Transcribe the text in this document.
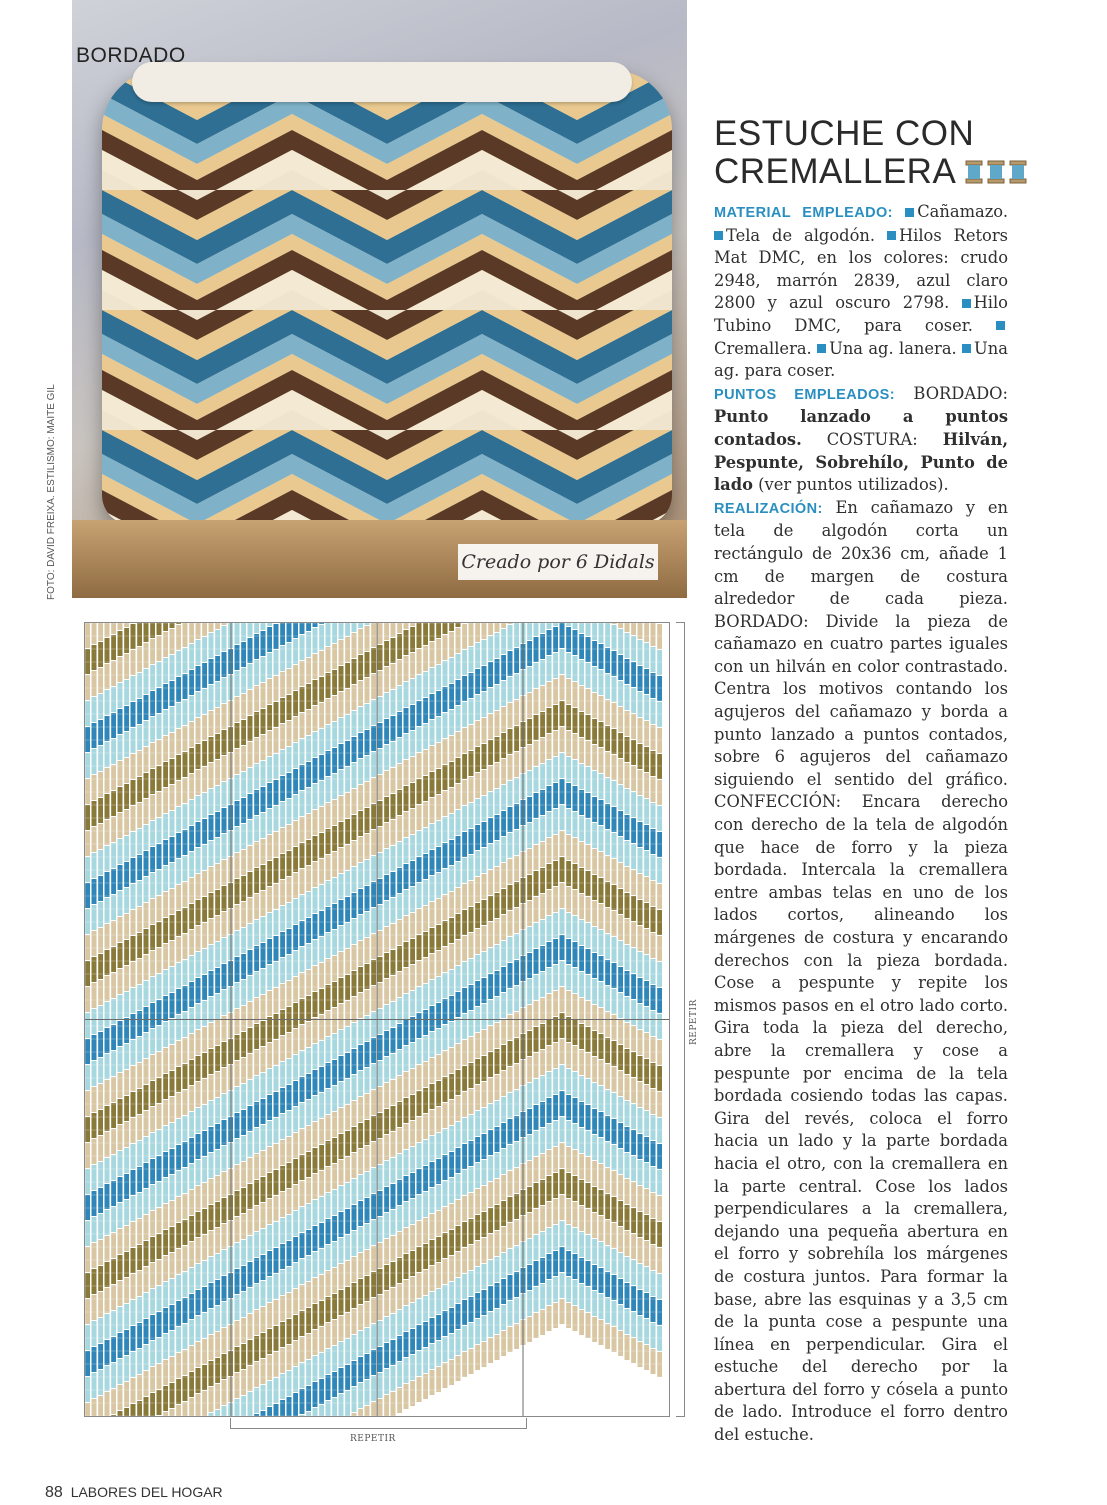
BORDADO
Creado por 6 Didals
FOTO: DAVID FREIXA. ESTILISMO: MAITE GIL
REPETIR
REPETIR
ESTUCHE CON
CREMALLERA
MATERIAL EMPLEADO: Cañamazo. Tela de algodón. Hilos Retors Mat DMC, en los colores: crudo 2948, marrón 2839, azul claro 2800 y azul oscuro 2798. Hilo Tubino DMC, para coser. Cremallera. Una ag. lanera. Una ag. para coser.
PUNTOS EMPLEADOS: BORDADO: Punto lanzado a puntos contados. COSTURA: Hilván, Pespunte, Sobrehílo, Punto de lado (ver puntos utilizados).
REALIZACIÓN: En cañamazo y en tela de algodón corta un rectángulo de 20x36 cm, añade 1 cm de margen de costura alrededor de cada pieza. BORDADO: Divide la pieza de cañamazo en cuatro partes iguales con un hilván en color contrastado. Centra los motivos contando los agujeros del cañamazo y borda a punto lanzado a puntos contados, sobre 6 agujeros del cañamazo siguiendo el sentido del gráfico. CONFECCIÓN: Encara derecho con derecho de la tela de algodón que hace de forro y la pieza bordada. Intercala la cremallera entre ambas telas en uno de los lados cortos, alineando los márgenes de costura y encarando derechos con la pieza bordada. Cose a pespunte y repite los mismos pasos en el otro lado corto. Gira toda la pieza del derecho, abre la cremallera y cose a pespunte por encima de la tela bordada cosiendo todas las capas. Gira del revés, coloca el forro hacia un lado y la parte bordada hacia el otro, con la cremallera en la parte central. Cose los lados perpendiculares a la cremallera, dejando una pequeña abertura en el forro y sobrehíla los márgenes de costura juntos. Para formar la base, abre las esquinas y a 3,5 cm de la punta cose a pespunte una línea en perpendicular. Gira el estuche del derecho por la abertura del forro y cósela a punto de lado. Introduce el forro dentro del estuche.
88 LABORES DEL HOGAR
